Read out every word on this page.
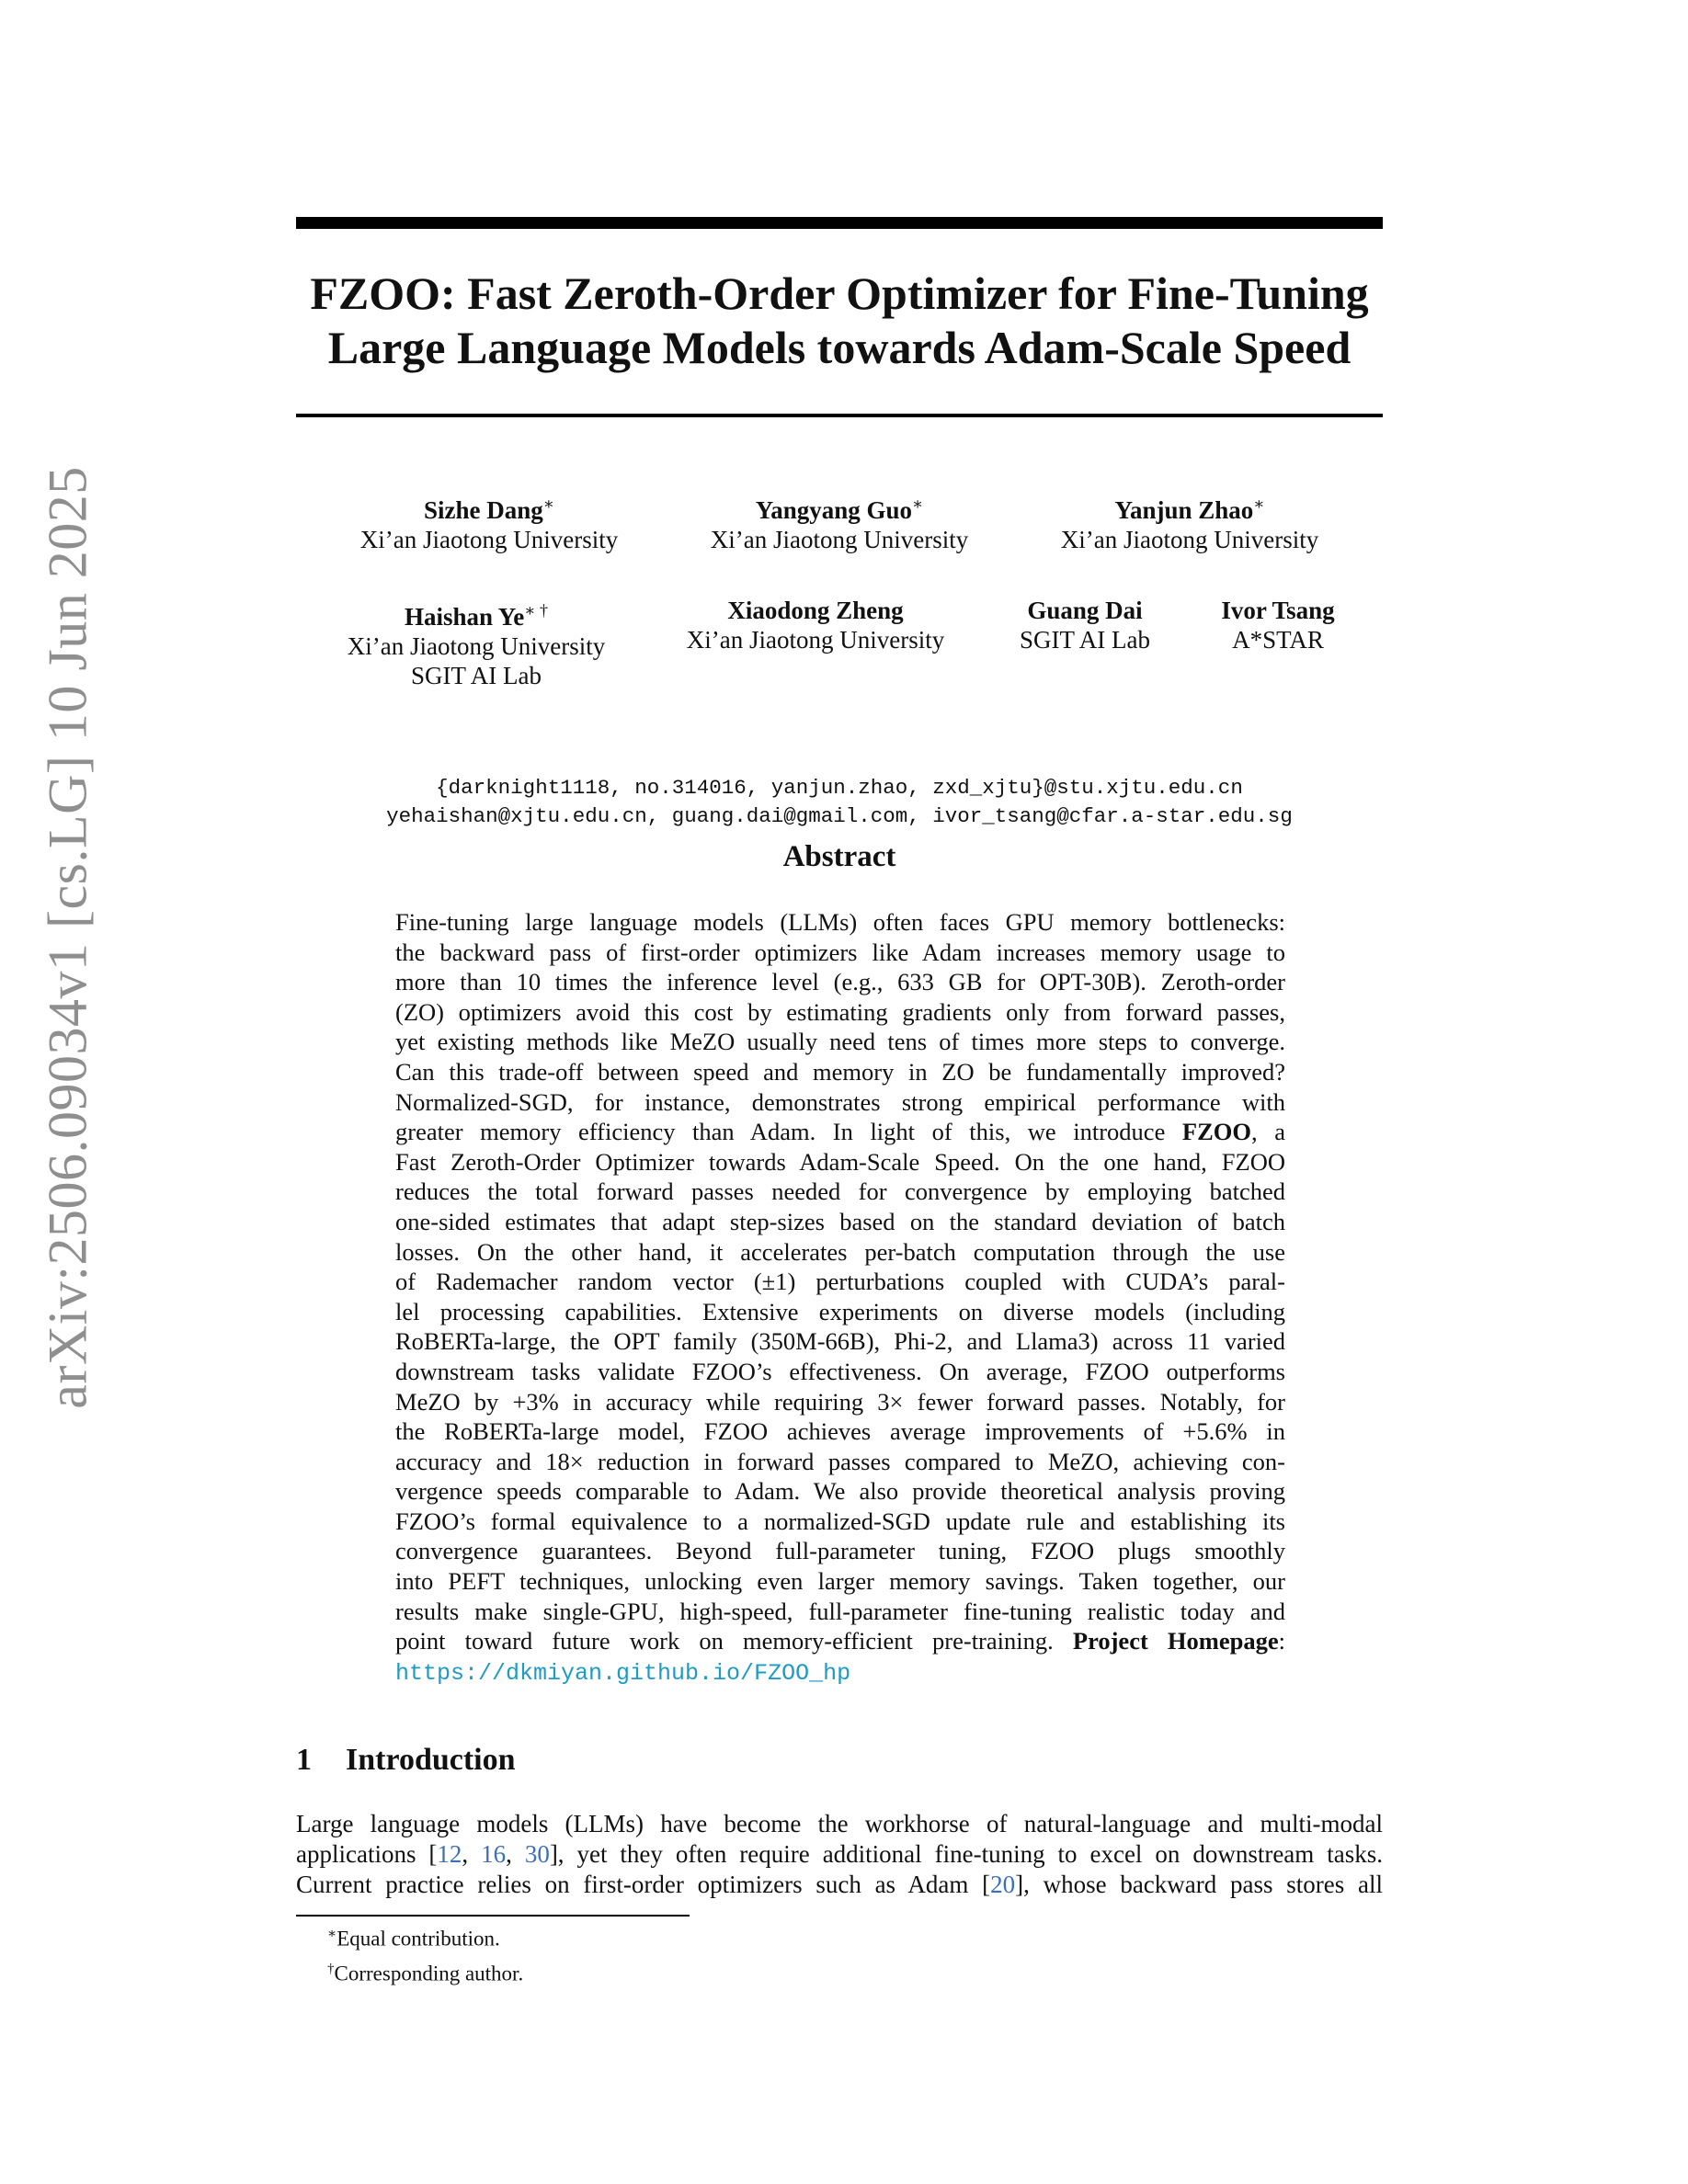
arXiv:2506.09034v1 [cs.LG] 10 Jun 2025
FZOO: Fast Zeroth-Order Optimizer for Fine-Tuning
Large Language Models towards Adam-Scale Speed
Sizhe Dang∗
Xi’an Jiaotong University
Yangyang Guo∗
Xi’an Jiaotong University
Yanjun Zhao∗
Xi’an Jiaotong University
Haishan Ye∗ †
Xi’an Jiaotong University
SGIT AI Lab
Xiaodong Zheng
Xi’an Jiaotong University
Guang Dai
SGIT AI Lab
Ivor Tsang
A*STAR
{darknight1118, no.314016, yanjun.zhao, zxd_xjtu}@stu.xjtu.edu.cn
yehaishan@xjtu.edu.cn, guang.dai@gmail.com, ivor_tsang@cfar.a-star.edu.sg
Abstract
Fine-tuning large language models (LLMs) often faces GPU memory bottlenecks:
the backward pass of first-order optimizers like Adam increases memory usage to
more than 10 times the inference level (e.g., 633 GB for OPT-30B). Zeroth-order
(ZO) optimizers avoid this cost by estimating gradients only from forward passes,
yet existing methods like MeZO usually need tens of times more steps to converge.
Can this trade-off between speed and memory in ZO be fundamentally improved?
Normalized-SGD, for instance, demonstrates strong empirical performance with
greater memory efficiency than Adam. In light of this, we introduce FZOO, a
Fast Zeroth-Order Optimizer towards Adam-Scale Speed. On the one hand, FZOO
reduces the total forward passes needed for convergence by employing batched
one-sided estimates that adapt step-sizes based on the standard deviation of batch
losses. On the other hand, it accelerates per-batch computation through the use
of Rademacher random vector (±1) perturbations coupled with CUDA’s paral-
lel processing capabilities. Extensive experiments on diverse models (including
RoBERTa-large, the OPT family (350M-66B), Phi-2, and Llama3) across 11 varied
downstream tasks validate FZOO’s effectiveness. On average, FZOO outperforms
MeZO by +3% in accuracy while requiring 3× fewer forward passes. Notably, for
the RoBERTa-large model, FZOO achieves average improvements of +5.6% in
accuracy and 18× reduction in forward passes compared to MeZO, achieving con-
vergence speeds comparable to Adam. We also provide theoretical analysis proving
FZOO’s formal equivalence to a normalized-SGD update rule and establishing its
convergence guarantees. Beyond full-parameter tuning, FZOO plugs smoothly
into PEFT techniques, unlocking even larger memory savings. Taken together, our
results make single-GPU, high-speed, full-parameter fine-tuning realistic today and
point toward future work on memory-efficient pre-training. Project Homepage:
https://dkmiyan.github.io/FZOO_hp
1 Introduction
Large language models (LLMs) have become the workhorse of natural-language and multi-modal
applications [12, 16, 30], yet they often require additional fine-tuning to excel on downstream tasks.
Current practice relies on first-order optimizers such as Adam [20], whose backward pass stores all
∗Equal contribution.
†Corresponding author.
